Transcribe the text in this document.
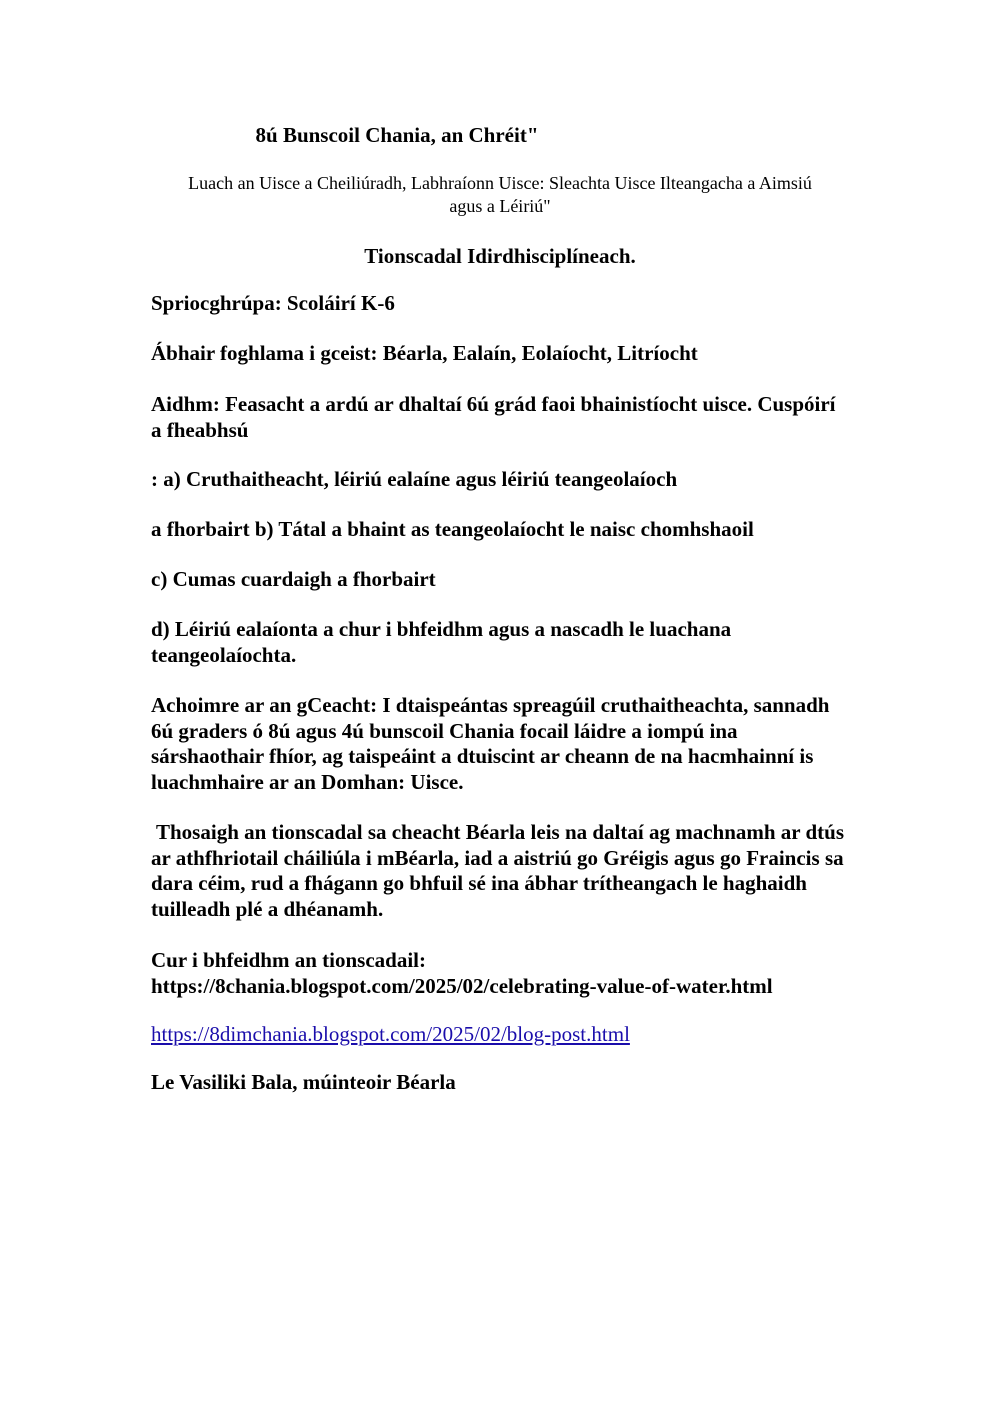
8ú Bunscoil Chania, an Chréit"
Luach an Uisce a Cheiliúradh, Labhraíonn Uisce: Sleachta Uisce Ilteangacha a Aimsiú agus a Léiriú"
Tionscadal Idirdhisciplíneach.
Spriocghrúpa: Scoláirí K-6
Ábhair foghlama i gceist: Béarla, Ealaín, Eolaíocht, Litríocht
Aidhm: Feasacht a ardú ar dhaltaí 6ú grád faoi bhainistíocht uisce. Cuspóirí a fheabhsú
: a) Cruthaitheacht, léiriú ealaíne agus léiriú teangeolaíoch
a fhorbairt b) Tátal a bhaint as teangeolaíocht le naisc chomhshaoil
c) Cumas cuardaigh a fhorbairt
d) Léiriú ealaíonta a chur i bhfeidhm agus a nascadh le luachana teangeolaíochta.
Achoimre ar an gCeacht: I dtaispeántas spreagúil cruthaitheachta, sannadh 6ú graders ó 8ú agus 4ú bunscoil Chania focail láidre a iompú ina sárshaothair fhíor, ag taispeáint a dtuiscint ar cheann de na hacmhainní is luachmhaire ar an Domhan: Uisce.
Thosaigh an tionscadal sa cheacht Béarla leis na daltaí ag machnamh ar dtús ar athfhriotail cháiliúla i mBéarla, iad a aistriú go Gréigis agus go Fraincis sa dara céim, rud a fhágann go bhfuil sé ina ábhar trítheangach le haghaidh tuilleadh plé a dhéanamh.
Cur i bhfeidhm an tionscadail:
https://8chania.blogspot.com/2025/02/celebrating-value-of-water.html
https://8dimchania.blogspot.com/2025/02/blog-post.html
Le Vasiliki Bala, múinteoir Béarla
